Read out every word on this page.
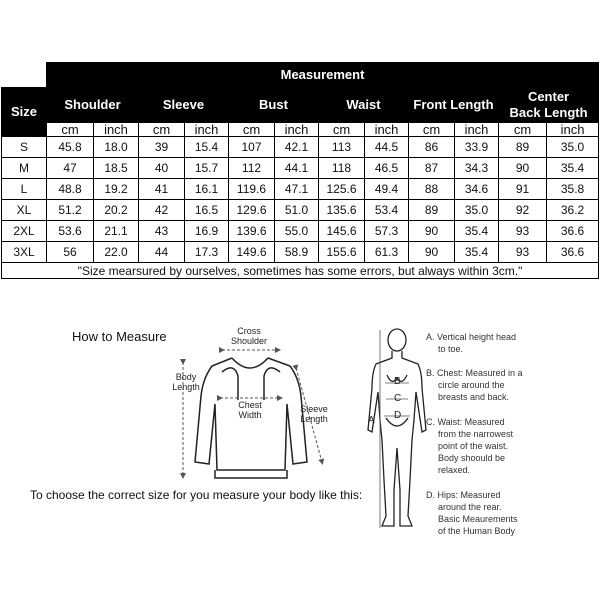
	Measurement											
Size	Shoulder		Sleeve		Bust		Waist		Front Length		Center
Back Length	
	cm	inch	cm	inch	cm	inch	cm	inch	cm	inch	cm	inch
S	45.8	18.0	39	15.4	107	42.1	113	44.5	86	33.9	89	35.0
M	47	18.5	40	15.7	112	44.1	118	46.5	87	34.3	90	35.4
L	48.8	19.2	41	16.1	119.6	47.1	125.6	49.4	88	34.6	91	35.8
XL	51.2	20.2	42	16.5	129.6	51.0	135.6	53.4	89	35.0	92	36.2
2XL	53.6	21.1	43	16.9	139.6	55.0	145.6	57.3	90	35.4	93	36.6
3XL	56	22.0	44	17.3	149.6	58.9	155.6	61.3	90	35.4	93	36.6
"Size mearsured by ourselves, sometimes has some errors, but always within 3cm."												
How to Measure
To choose the correct size for you measure your body like this:
Cross
Shoulder
Body
Length
Chest
Width
Sleeve
Length	A
B
C
D
A. Vertical height head
to toe.
B. Chest: Measured in a
circle around the
breasts and back.
C. Waist: Measured
from the narrowest
point of the waist.
Body shoould be
relaxed.
D. Hips: Measured
around the rear.
Basic Meaurements
of the Human Body
